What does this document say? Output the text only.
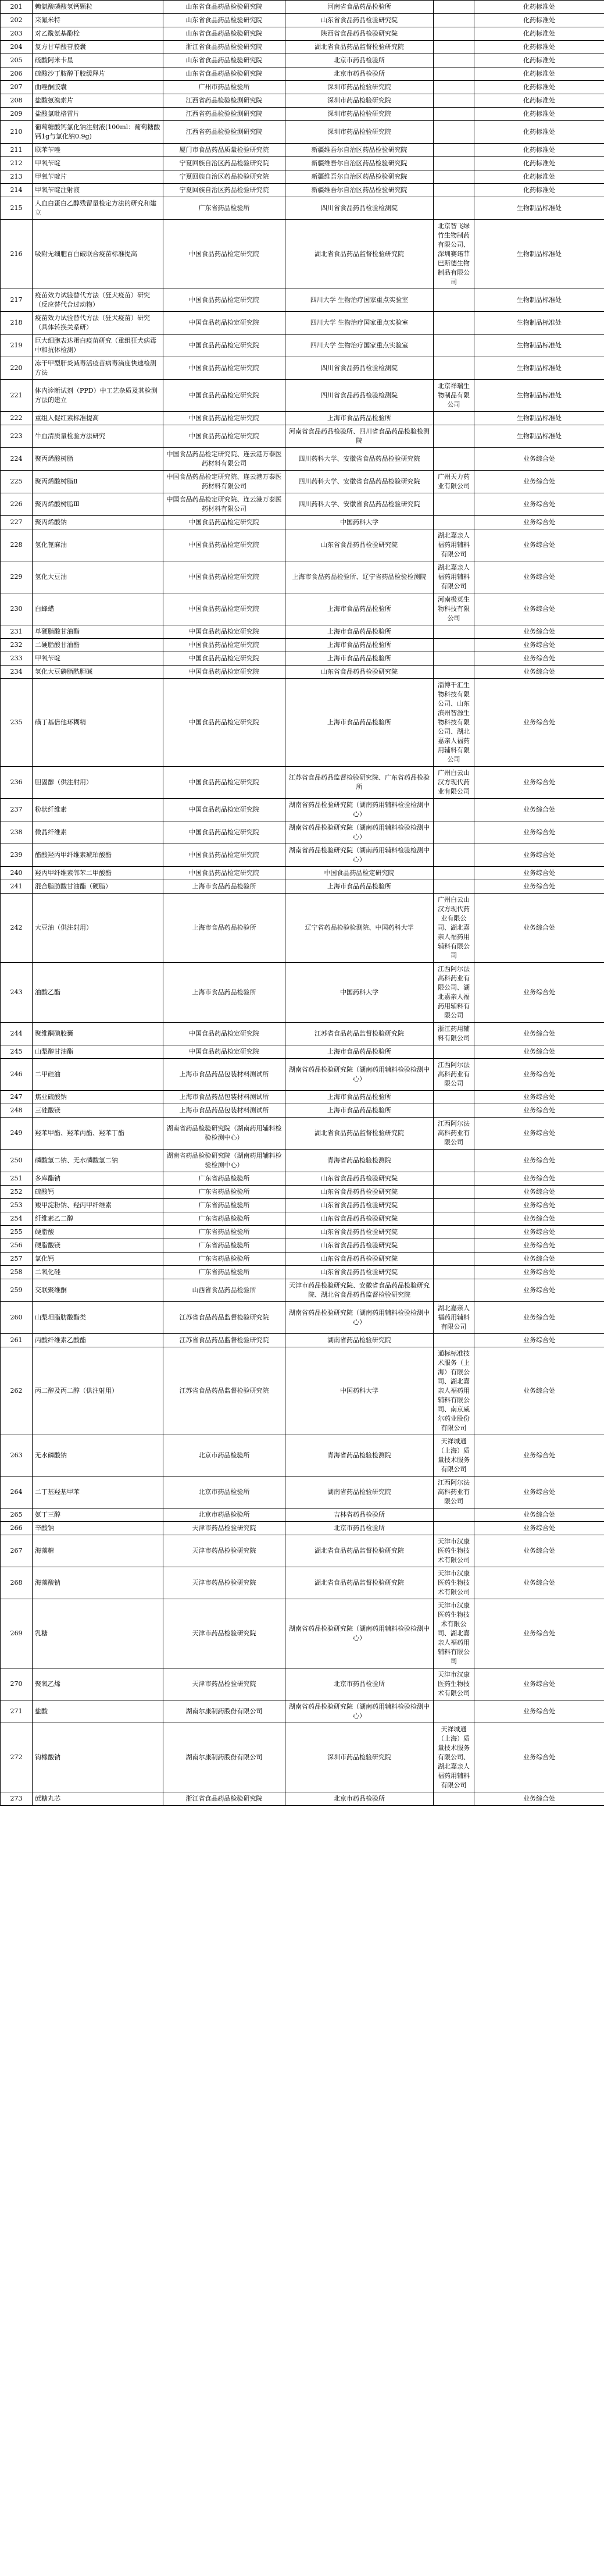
201	赖氨酸磷酸氢钙颗粒	山东省食品药品检验研究院	河南省食品药品检验所		化药标准处
202	来氟米特	山东省食品药品检验研究院	山东省食品药品检验研究院		化药标准处
203	对乙酰氨基酚栓	山东省食品药品检验研究院	陕西省食品药品检验研究院		化药标准处
204	复方甘草酸苷胶囊	浙江省食品药品检验研究院	湖北省食品药品监督检验研究院		化药标准处
205	硫酸阿米卡星	山东省食品药品检验研究院	北京市药品检验所		化药标准处
206	硫酸沙丁胺醇干胶缓释片	山东省食品药品检验研究院	北京市药品检验所		化药标准处
207	曲唑酮胶囊	广州市药品检验所	深圳市药品检验研究院		化药标准处
208	盐酸氨溴索片	江西省药品检验检测研究院	深圳市药品检验研究院		化药标准处
209	盐酸氯吡格雷片	江西省药品检验检测研究院	深圳市药品检验研究院		化药标准处
210	葡萄糖酸钙氯化钠注射液(100ml：葡萄糖酸钙1g与氯化钠0.9g)	江西省药品检验检测研究院	深圳市药品检验研究院		化药标准处
211	联苯苄唑	厦门市食品药品质量检验研究院	新疆维吾尔自治区药品检验研究院		化药标准处
212	甲氧苄啶	宁夏回族自治区药品检验研究院	新疆维吾尔自治区药品检验研究院		化药标准处
213	甲氧苄啶片	宁夏回族自治区药品检验研究院	新疆维吾尔自治区药品检验研究院		化药标准处
214	甲氧苄啶注射液	宁夏回族自治区药品检验研究院	新疆维吾尔自治区药品检验研究院		化药标准处
215	人血白蛋白乙醇残留量检定方法的研究和建立	广东省药品检验所	四川省食品药品检验检测院		生物制品标准处
216	吸附无细胞百白破联合疫苗标准提高	中国食品药品检定研究院	湖北省食品药品监督检验研究院	北京智飞绿竹生物制药有限公司、深圳赛诺菲巴斯德生物制品有限公司	生物制品标准处
217	疫苗效力试验替代方法（狂犬疫苗）研究（反应替代合过动物）	中国食品药品检定研究院	四川大学 生物治疗国家重点实验室		生物制品标准处
218	疫苗效力试验替代方法（狂犬疫苗）研究（具体转换关系研）	中国食品药品检定研究院	四川大学 生物治疗国家重点实验室		生物制品标准处
219	巨大细胞表达蛋白疫苗研究（重组狂犬病毒中和抗体检测）	中国食品药品检定研究院	四川大学 生物治疗国家重点实验室		生物制品标准处
220	冻干甲型肝炎减毒活疫苗病毒滴度快速检测方法	中国食品药品检定研究院	四川省食品药品检验检测院		生物制品标准处
221	体内诊断试剂（PPD）中工艺杂质及其检测方法的建立	中国食品药品检定研究院	四川省食品药品检验检测院	北京祥瑞生物制品有限公司	生物制品标准处
222	重组人促红素标准提高	中国食品药品检定研究院	上海市食品药品检验所		生物制品标准处
223	牛血清质量检验方法研究	中国食品药品检定研究院	河南省食品药品检验所、四川省食品药品检验检测院		生物制品标准处
224	聚丙烯酸树脂	中国食品药品检定研究院、连云港万泰医药材料有限公司	四川药科大学、安徽省食品药品检验研究院		业务综合处
225	聚丙烯酸树脂Ⅱ	中国食品药品检定研究院、连云港万泰医药材料有限公司	四川药科大学、安徽省食品药品检验研究院	广州天力药业有限公司	业务综合处
226	聚丙烯酸树脂Ⅲ	中国食品药品检定研究院、连云港万泰医药材料有限公司	四川药科大学、安徽省食品药品检验研究院		业务综合处
227	聚丙烯酸钠	中国食品药品检定研究院	中国药科大学		业务综合处
228	氢化蓖麻油	中国食品药品检定研究院	山东省食品药品检验研究院	湖北嘉亲人福药用辅料有限公司	业务综合处
229	氢化大豆油	中国食品药品检定研究院	上海市食品药品检验所、辽宁省药品检验检测院	湖北嘉亲人福药用辅料有限公司	业务综合处
230	白蜂蜡	中国食品药品检定研究院	上海市食品药品检验所	河南极英生物科技有限公司	业务综合处
231	单硬脂酸甘油酯	中国食品药品检定研究院	上海市食品药品检验所		业务综合处
232	二硬脂酸甘油酯	中国食品药品检定研究院	上海市食品药品检验所		业务综合处
233	甲氧苄啶	中国食品药品检定研究院	上海市食品药品检验所		业务综合处
234	氢化大豆磷脂酰胆碱	中国食品药品检定研究院	山东省食品药品检验研究院		业务综合处
235	磺丁基倍他环糊精	中国食品药品检定研究院	上海市食品药品检验所	淄博千汇生物科技有限公司、山东滨州智源生物科技有限公司、湖北嘉亲人福药用辅料有限公司	业务综合处
236	胆固醇（供注射用）	中国食品药品检定研究院	江苏省食品药品监督检验研究院、广东省药品检验所	广州白云山汉方现代药业有限公司	业务综合处
237	粉状纤维素	中国食品药品检定研究院	湖南省药品检验研究院（湖南药用辅料检验检测中心）		业务综合处
238	微晶纤维素	中国食品药品检定研究院	湖南省药品检验研究院（湖南药用辅料检验检测中心）		业务综合处
239	醋酸羟丙甲纤维素琥珀酸酯	中国食品药品检定研究院	湖南省药品检验研究院（湖南药用辅料检验检测中心）		业务综合处
240	羟丙甲纤维素邻苯二甲酸酯	中国食品药品检定研究院	中国食品药品检定研究院		业务综合处
241	混合脂肪酸甘油酯（硬脂）	上海市食品药品检验所	上海市食品药品检验所		业务综合处
242	大豆油（供注射用）	上海市食品药品检验所	辽宁省药品检验检测院、中国药科大学	广州白云山汉方现代药业有限公司、湖北嘉亲人福药用辅料有限公司	业务综合处
243	油酸乙酯	上海市食品药品检验所	中国药科大学	江西阿尔法高科药业有限公司、湖北嘉亲人福药用辅料有限公司	业务综合处
244	聚维酮碘胶囊	中国食品药品检定研究院	江苏省食品药品监督检验研究院	浙江药用辅料有限公司	业务综合处
245	山梨醇甘油酯	中国食品药品检定研究院	上海市食品药品检验所		业务综合处
246	二甲硅油	上海市食品药品包装材料测试所	湖南省药品检验研究院（湖南药用辅料检验检测中心）	江西阿尔法高科药业有限公司	业务综合处
247	焦亚硫酸钠	上海市食品药品包装材料测试所	上海市食品药品检验所		业务综合处
248	三硅酸镁	上海市食品药品包装材料测试所	上海市食品药品检验所		业务综合处
249	羟苯甲酯、羟苯丙酯、羟苯丁酯	湖南省药品检验研究院（湖南药用辅料检验检测中心）	湖北省食品药品监督检验研究院	江西阿尔法高科药业有限公司	业务综合处
250	磷酸氢二钠、无水磷酸氢二钠	湖南省药品检验研究院（湖南药用辅料检验检测中心）	青海省药品检验检测院		业务综合处
251	多库酯钠	广东省药品检验所	山东省食品药品检验研究院		业务综合处
252	硫酸钙	广东省药品检验所	山东省食品药品检验研究院		业务综合处
253	羧甲淀粉钠、羟丙甲纤维素	广东省药品检验所	山东省食品药品检验研究院		业务综合处
254	纤维素乙二醇	广东省药品检验所	山东省食品药品检验研究院		业务综合处
255	硬脂酸	广东省药品检验所	山东省食品药品检验研究院		业务综合处
256	硬脂酸镁	广东省药品检验所	山东省食品药品检验研究院		业务综合处
257	氯化钙	广东省药品检验所	山东省食品药品检验研究院		业务综合处
258	二氧化硅	广东省药品检验所	山东省食品药品检验研究院		业务综合处
259	交联聚维酮	山西省食品药品检验所	天津市药品检验研究院、安徽省食品药品检验研究院、湖北省食品药品监督检验研究院		业务综合处
260	山梨坦脂肪酸酯类	江苏省食品药品监督检验研究院	湖南省药品检验研究院（湖南药用辅料检验检测中心）	湖北嘉亲人福药用辅料有限公司	业务综合处
261	丙酸纤维素乙酸酯	江苏省食品药品监督检验研究院	湖南省药品检验研究院		业务综合处
262	丙二醇及丙二醇（供注射用）	江苏省食品药品监督检验研究院	中国药科大学	通标标准技术服务（上海）有限公司、湖北嘉亲人福药用辅料有限公司、南京威尔药业股份有限公司	业务综合处
263	无水磷酸钠	北京市药品检验所	青海省药品检验检测院	天祥城通（上海）质量技术服务有限公司	业务综合处
264	二丁基羟基甲苯	北京市药品检验所	湖南省药品检验研究院	江西阿尔法高科药业有限公司	业务综合处
265	氨丁三醇	北京市药品检验所	吉林省药品检验所		业务综合处
266	辛酸钠	天津市药品检验研究院	北京市药品检验所		业务综合处
267	海藻糖	天津市药品检验研究院	湖北省食品药品监督检验研究院	天津市汉康医药生物技术有限公司	业务综合处
268	海藻酸钠	天津市药品检验研究院	湖北省食品药品监督检验研究院	天津市汉康医药生物技术有限公司	业务综合处
269	乳糖	天津市药品检验研究院	湖南省药品检验研究院（湖南药用辅料检验检测中心）	天津市汉康医药生物技术有限公司、湖北嘉亲人福药用辅料有限公司	业务综合处
270	聚氧乙烯	天津市药品检验研究院	北京市药品检验所	天津市汉康医药生物技术有限公司	业务综合处
271	盐酸	湖南尔康制药股份有限公司	湖南省药品检验研究院（湖南药用辅料检验检测中心）		业务综合处
272	钩橼酸钠	湖南尔康制药股份有限公司	深圳市药品检验研究院	天祥城通（上海）质量技术服务有限公司、湖北嘉亲人福药用辅料有限公司	业务综合处
273	蔗糖丸芯	浙江省食品药品检验研究院	北京市药品检验所		业务综合处
